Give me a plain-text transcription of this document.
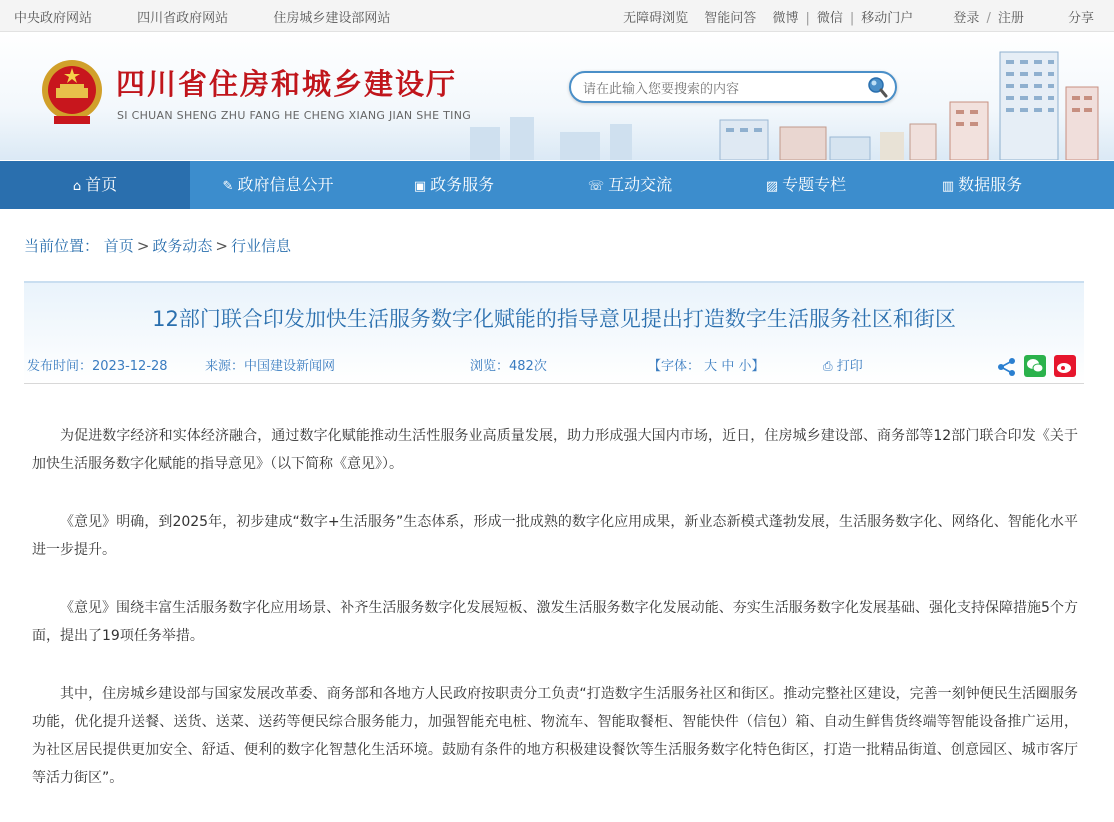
中央政府网站	四川省政府网站	住房城乡建设部网站	无障碍浏览 智能问答 微博 | 微信 | 移动门户	登录 / 注册	分享
四川省住房和城乡建设厅
SI CHUAN SHENG ZHU FANG HE CHENG XIANG JIAN SHE TING
请在此输入您要搜索的内容
⌂ 首页	✎ 政府信息公开	▣ 政务服务	☏ 互动交流	▨ 专题专栏	▥ 数据服务
当前位置： 首页 > 政务动态 > 行业信息
12部门联合印发加快生活服务数字化赋能的指导意见提出打造数字生活服务社区和街区
发布时间：2023-12-28	来源：中国建设新闻网	浏览：482次	【字体： 大 中 小】	⎙ 打印

为促进数字经济和实体经济融合，通过数字化赋能推动生活性服务业高质量发展，助力形成强大国内市场，近日，住房城乡建设部、商务部等12部门联合印发《关于加快生活服务数字化赋能的指导意见》（以下简称《意见》）。

《意见》明确，到2025年，初步建成“数字+生活服务”生态体系，形成一批成熟的数字化应用成果，新业态新模式蓬勃发展，生活服务数字化、网络化、智能化水平进一步提升。

《意见》围绕丰富生活服务数字化应用场景、补齐生活服务数字化发展短板、激发生活服务数字化发展动能、夯实生活服务数字化发展基础、强化支持保障措施5个方面，提出了19项任务举措。

其中，住房城乡建设部与国家发展改革委、商务部和各地方人民政府按职责分工负责“打造数字生活服务社区和街区。推动完整社区建设，完善一刻钟便民生活圈服务功能，优化提升送餐、送货、送菜、送药等便民综合服务能力，加强智能充电桩、物流车、智能取餐柜、智能快件（信包）箱、自动生鲜售货终端等智能设备推广运用，为社区居民提供更加安全、舒适、便利的数字化智慧化生活环境。鼓励有条件的地方积极建设餐饮等生活服务数字化特色街区，打造一批精品街道、创意园区、城市客厅等活力街区”。
